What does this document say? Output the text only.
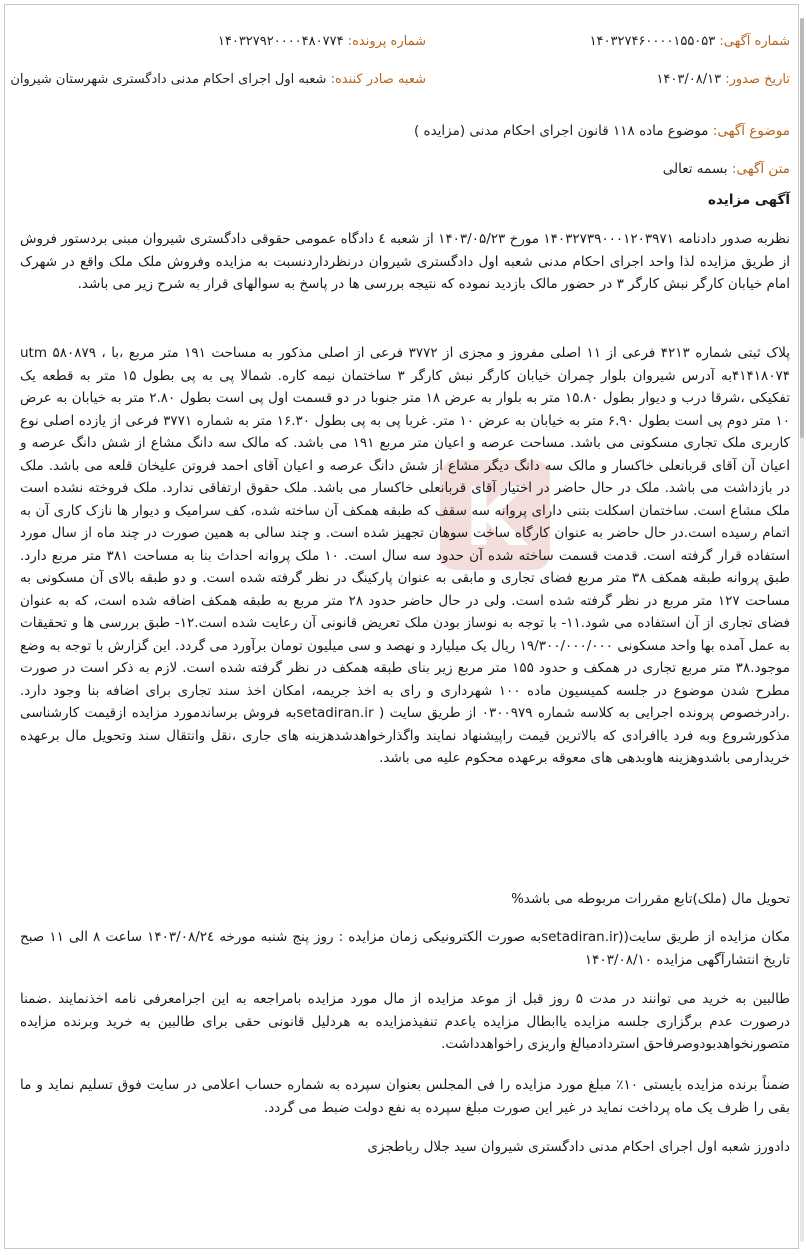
K
شماره آگهی: ۱۴۰۳۲۷۴۶۰۰۰۰۱۵۵۰۵۳
شماره پرونده: ۱۴۰۳۲۷۹۲۰۰۰۰۴۸۰۷۷۴
تاریخ صدور: ۱۴۰۳/۰۸/۱۳
شعبه صادر کننده: شعبه اول اجرای احکام مدنی دادگستری شهرستان شیروان
موضوع آگهی: موضوع ماده ۱۱۸ قانون اجرای احکام مدنی (مزایده )
متن آگهی: بسمه تعالی
آگهی مزایده

نظربه صدور دادنامه ۱۴۰۳۲۷۳۹۰۰۰۱۲۰۳۹۷۱ مورخ ۱۴۰۳/۰۵/۲۳ از شعبه ٤ دادگاه عمومی حقوقی دادگستری شیروان مبنی بردستور فروش از طریق مزایده لذا واحد اجرای احکام مدنی شعبه اول دادگستری شیروان درنظرداردنسبت به مزایده وفروش ملک ملک واقع در شهرک امام خیابان کارگر نبش کارگر ۳ در حضور مالک بازدید نموده که نتیجه بررسی ها در پاسخ به سوالهای قرار به شرح زیر می باشد.

پلاک ثبتی شماره ۴۲۱۳ فرعی از ۱۱ اصلی مفروز و مجزی از ۳۷۷۲ فرعی از اصلی مذکور به مساحت ۱۹۱ متر مربع ،با utm ۵۸۰۸۷۹ ، ۴۱۴۱۸۰۷۴به آدرس شیروان بلوار چمران خیابان کارگر نبش کارگر ۳ ساختمان نیمه کاره. شمالا پی به پی بطول ۱۵ متر به قطعه یک تفکیکی ،شرقا درب و دیوار بطول ۱۵.۸۰ متر به بلوار به عرض ۱۸ متر جنوبا در دو قسمت اول پی است بطول ۲.۸۰ متر به خیابان به عرض ۱۰ متر دوم پی است بطول ۶.۹۰ متر به خیابان به عرض ۱۰ متر. غربا پی به پی بطول ۱۶.۳۰ متر به شماره ۳۷۷۱ فرعی از یازده اصلی نوع کاربری ملک تجاری مسکونی می باشد. مساحت عرصه و اعیان متر مربع ۱۹۱ می باشد. که مالک سه دانگ مشاع از شش دانگ عرصه و اعیان آن آقای قربانعلی خاکسار و مالک سه دانگ دیگر مشاع از شش دانگ عرصه و اعیان آقای احمد فروتن علیخان قلعه می باشد. ملک در بازداشت می باشد. ملک در حال حاضر در اختیار آقای قربانعلی خاکسار می باشد. ملک حقوق ارتفاقی ندارد. ملک فروخته نشده است ملک مشاع است. ساختمان اسکلت بتنی دارای پروانه سه سقف که طبقه همکف آن ساخته شده، کف سرامیک و دیوار ها نازک کاری آن به اتمام رسیده است.در حال حاضر به عنوان کارگاه ساخت سوهان تجهیز شده است. و چند سالی به همین صورت در چند ماه از سال مورد استفاده قرار گرفته است. قدمت قسمت ساخته شده آن حدود سه سال است. ۱۰ ملک پروانه احداث بنا به مساحت ۳۸۱ متر مربع دارد. طبق پروانه طبقه همکف ۳۸ متر مربع فضای تجاری و مابقی به عنوان پارکینگ در نظر گرفته شده است. و دو طبقه بالای آن مسکونی به مساحت ۱۲۷ متر مربع در نظر گرفته شده است. ولی در حال حاضر حدود ۲۸ متر مربع به طبقه همکف اضافه شده است، که به عنوان فضای تجاری از آن استفاده می شود.۱۱- با توجه به نوساز بودن ملک تعریض قانونی آن رعایت شده است.۱۲- طبق بررسی ها و تحقیقات به عمل آمده بها واحد مسکونی ۱۹/۳۰۰/۰۰۰/۰۰۰ ریال یک میلیارد و نهصد و سی میلیون تومان برآورد می گردد. این گزارش با توجه به وضع موجود.۳۸ متر مربع تجاری در همکف و حدود ۱۵۵ متر مربع زیر بنای طبقه همکف در نظر گرفته شده است. لازم به ذکر است در صورت مطرح شدن موضوع در جلسه کمیسیون ماده ۱۰۰ شهرداری و رای به اخذ جریمه، امکان اخذ سند تجاری برای اضافه بنا وجود دارد. .رادرخصوص پرونده اجرایی به کلاسه شماره ۰۳۰۰۹۷۹ از طریق سایت ( setadiran.irبه فروش برساندمورد مزایده ازقیمت کارشناسی مذکورشروع وبه فرد یاافرادی که بالاترین قیمت راپیشنهاد نمایند واگذارخواهدشدهزینه های جاری ،نقل وانتقال سند وتحویل مال برعهده خریدارمی باشدوهزینه هاوبدهی های معوقه برعهده محکوم علیه می باشد.

تحویل مال (ملک)تابع مقررات مربوطه می باشد%

مکان مزایده از طریق سایت((setadiran.irبه صورت الکترونیکی زمان مزایده : روز پنج شنبه مورخه ۱۴۰۳/۰۸/۲٤ ساعت ۸ الی ۱۱ صبح تاریخ انتشارآگهی مزایده ۱۴۰۳/۰۸/۱۰

طالبین به خرید می توانند در مدت ۵ روز قبل از موعد مزایده از مال مورد مزایده بامراجعه به این اجرامعرفی نامه اخذنمایند .ضمنا درصورت عدم برگزاری جلسه مزایده یاابطال مزایده یاعدم تنفیذمزایده به هردلیل قانونی حقی برای طالبین به خرید وبرنده مزایده متصورنخواهدبودوصرفاحق استردادمبالغ واریزی راخواهدداشت.

ضمناً برنده مزایده بایستی ۱۰٪ مبلغ مورد مزایده را فی المجلس بعنوان سپرده به شماره حساب اعلامی در سایت فوق تسلیم نماید و ما بقی را ظرف یک ماه پرداخت نماید در غیر این صورت مبلغ سپرده به نفع دولت ضبط می گردد.

دادورز شعبه اول اجرای احکام مدنی دادگستری شیروان سید جلال رباطجزی
